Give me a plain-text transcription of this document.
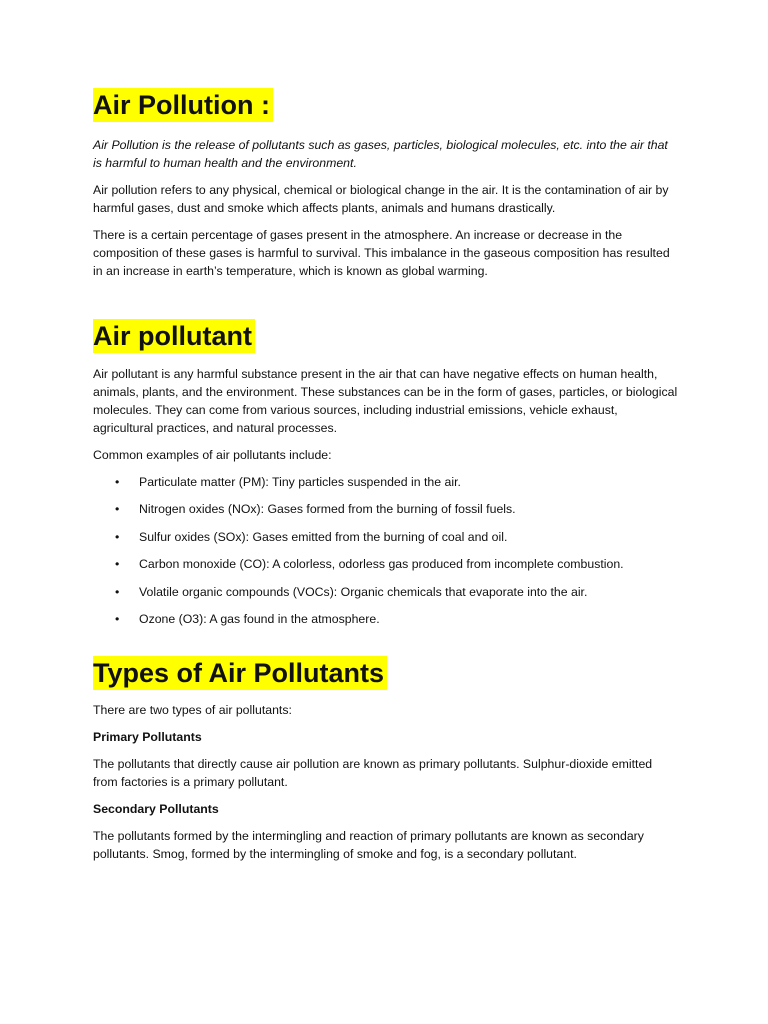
Air Pollution :

Air Pollution is the release of pollutants such as gases, particles, biological molecules, etc. into the air that is harmful to human health and the environment.

Air pollution refers to any physical, chemical or biological change in the air. It is the contamination of air by harmful gases, dust and smoke which affects plants, animals and humans drastically.

There is a certain percentage of gases present in the atmosphere. An increase or decrease in the composition of these gases is harmful to survival. This imbalance in the gaseous composition has resulted in an increase in earth’s temperature, which is known as global warming.

Air pollutant

Air pollutant is any harmful substance present in the air that can have negative effects on human health, animals, plants, and the environment. These substances can be in the form of gases, particles, or biological molecules. They can come from various sources, including industrial emissions, vehicle exhaust, agricultural practices, and natural processes.

Common examples of air pollutants include:

• Particulate matter (PM): Tiny particles suspended in the air.
• Nitrogen oxides (NOx): Gases formed from the burning of fossil fuels.
• Sulfur oxides (SOx): Gases emitted from the burning of coal and oil.
• Carbon monoxide (CO): A colorless, odorless gas produced from incomplete combustion.
• Volatile organic compounds (VOCs): Organic chemicals that evaporate into the air.
• Ozone (O3): A gas found in the atmosphere.
Types of Air Pollutants

There are two types of air pollutants:

Primary Pollutants

The pollutants that directly cause air pollution are known as primary pollutants. Sulphur-dioxide emitted from factories is a primary pollutant.

Secondary Pollutants

The pollutants formed by the intermingling and reaction of primary pollutants are known as secondary pollutants. Smog, formed by the intermingling of smoke and fog, is a secondary pollutant.
